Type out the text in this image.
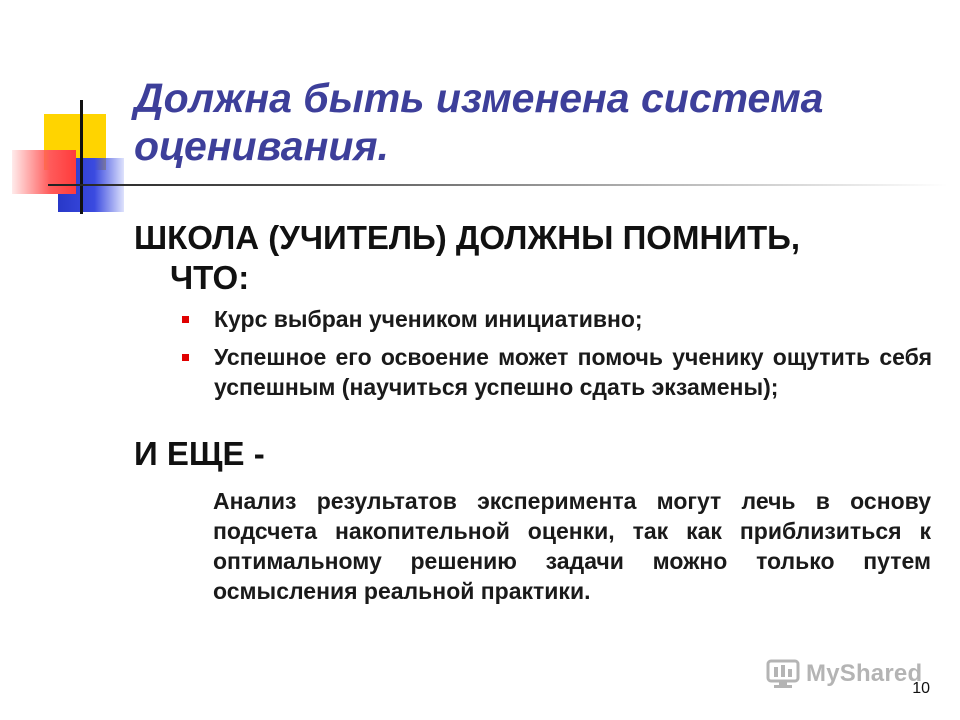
Должна быть изменена система оценивания.

ШКОЛА (УЧИТЕЛЬ) ДОЛЖНЫ ПОМНИТЬ,
ЧТО:

Курс выбран учеником инициативно;
Успешное его освоение может помочь ученику ощутить себя успешным (научиться успешно сдать экзамены);

И ЕЩЕ -

Анализ результатов эксперимента могут лечь в основу подсчета накопительной оценки, так как приблизиться к оптимальному решению задачи можно только путем осмысления реальной практики.

MyShared
10
